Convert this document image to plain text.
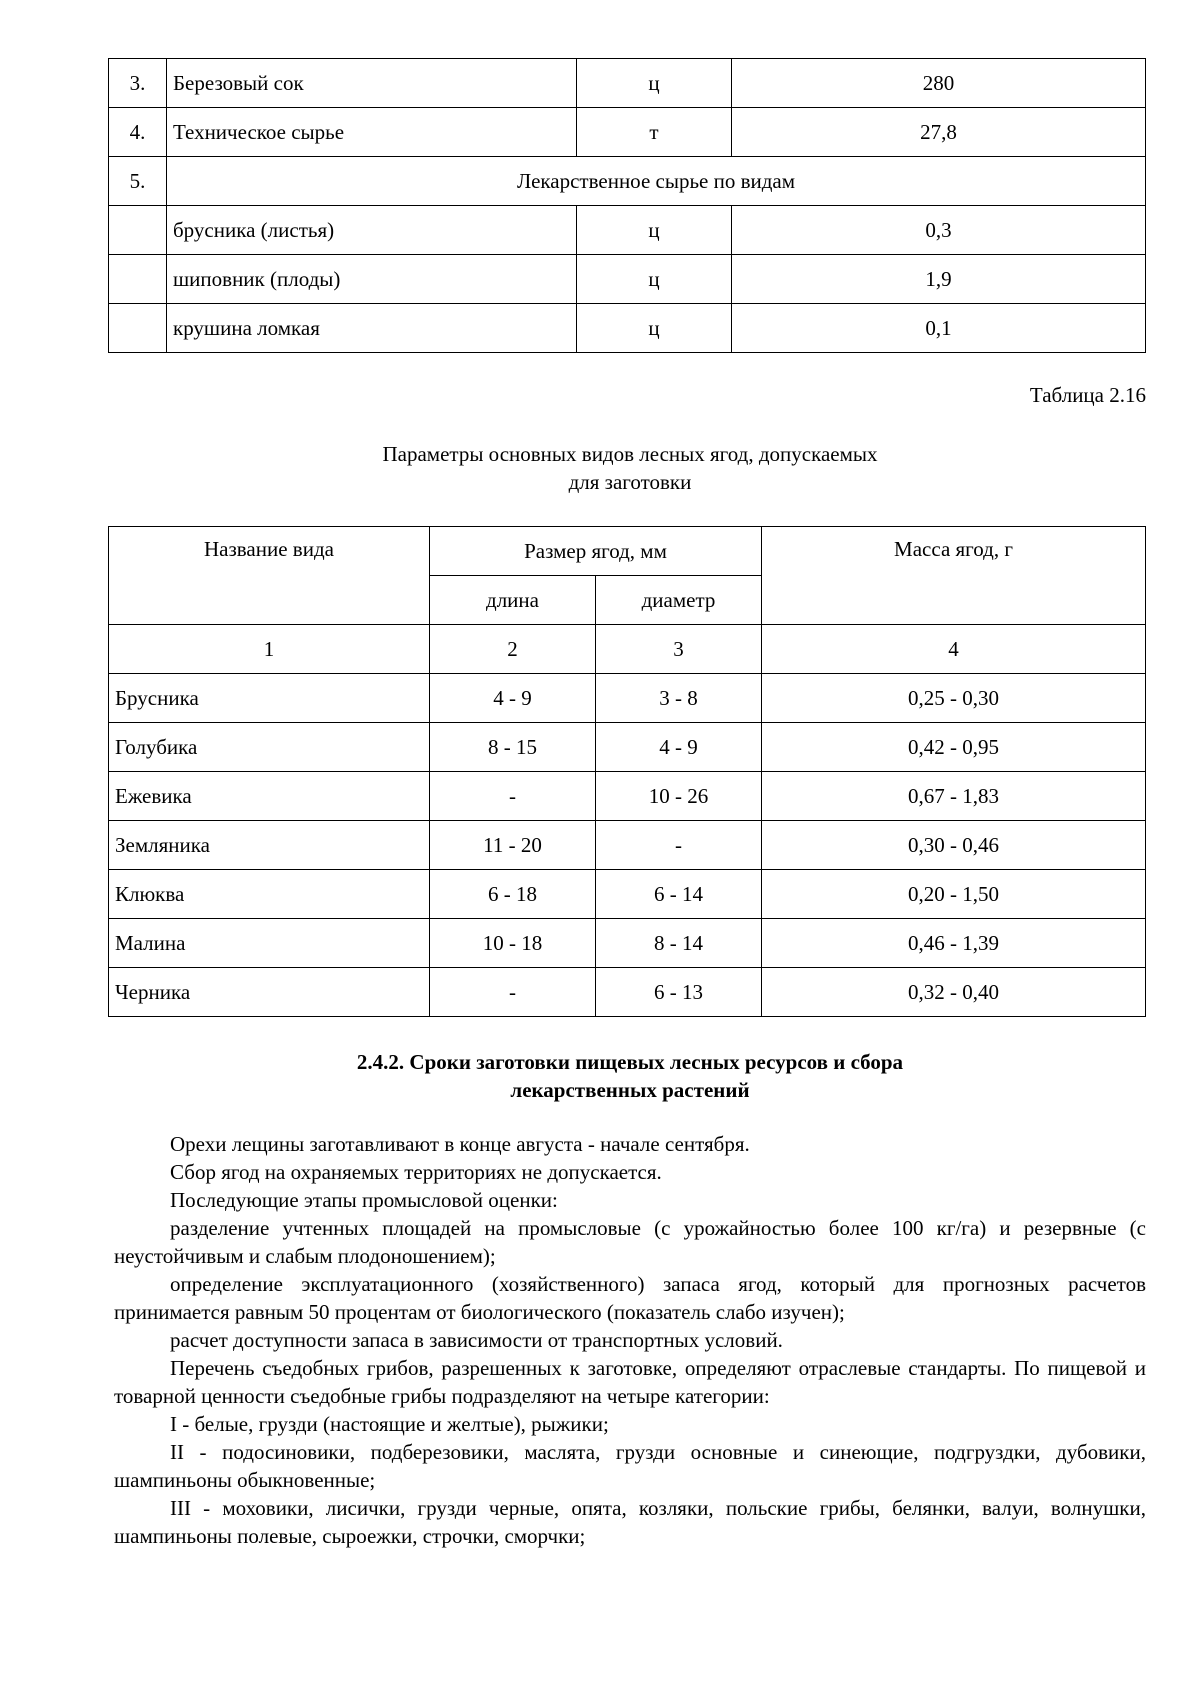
3.	Березовый сок	ц	280
4.	Техническое сырье	т	27,8
5.	Лекарственное сырье по видам		
	брусника (листья)	ц	0,3
	шиповник (плоды)	ц	1,9
	крушина ломкая	ц	0,1
Таблица 2.16
Параметры основных видов лесных ягод, допускаемых
для заготовки
Название вида	Размер ягод, мм		Масса ягод, г
	длина	диаметр	
1	2	3	4
Брусника	4 - 9	3 - 8	0,25 - 0,30
Голубика	8 - 15	4 - 9	0,42 - 0,95
Ежевика	-	10 - 26	0,67 - 1,83
Земляника	11 - 20	-	0,30 - 0,46
Клюква	6 - 18	6 - 14	0,20 - 1,50
Малина	10 - 18	8 - 14	0,46 - 1,39
Черника	-	6 - 13	0,32 - 0,40
2.4.2. Сроки заготовки пищевых лесных ресурсов и сбора
лекарственных растений

Орехи лещины заготавливают в конце августа - начале сентября.

Сбор ягод на охраняемых территориях не допускается.

Последующие этапы промысловой оценки:

разделение учтенных площадей на промысловые (с урожайностью более 100 кг/га) и резервные (с неустойчивым и слабым плодоношением);

определение эксплуатационного (хозяйственного) запаса ягод, который для прогнозных расчетов принимается равным 50 процентам от биологического (показатель слабо изучен);

расчет доступности запаса в зависимости от транспортных условий.

Перечень съедобных грибов, разрешенных к заготовке, определяют отраслевые стандарты. По пищевой и товарной ценности съедобные грибы подразделяют на четыре категории:

I - белые, грузди (настоящие и желтые), рыжики;

II - подосиновики, подберезовики, маслята, грузди основные и синеющие, подгруздки, дубовики, шампиньоны обыкновенные;

III - моховики, лисички, грузди черные, опята, козляки, польские грибы, белянки, валуи, волнушки, шампиньоны полевые, сыроежки, строчки, сморчки;
